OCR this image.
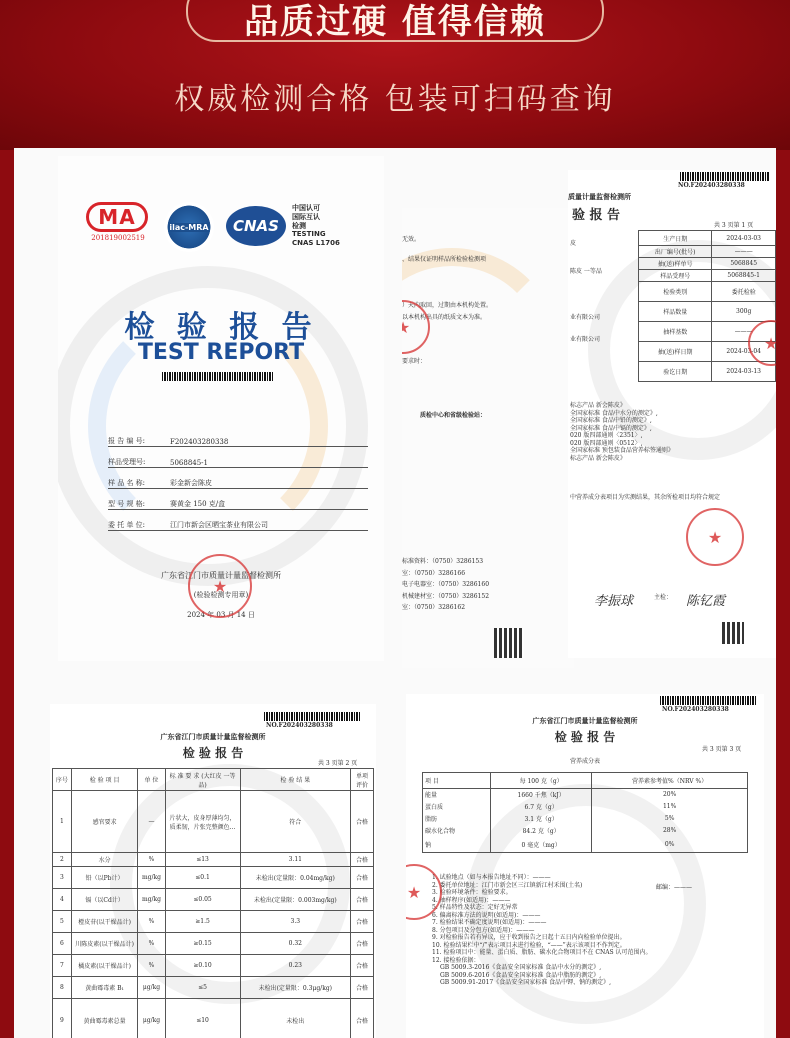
品质过硬 值得信赖
权威检测合格 包装可扫码查询
MA
201819002519
ilac-MRA CNAS
中国认可
国际互认
检测
TESTING
CNAS L1706
检 验 报 告
TEST REPORT
报 告 编 号:	F202403280338
样品受理号:	5068845-1
样 品 名 称:	彩金新会陈皮
型 号 规 格:	赛黄金 150 克/盒
委 托 单 位:	江门市新会区晒宝茶业有限公司
广东省江门市质量计量监督检测所
(检验检测专用章)
2024 年 03 月 14 日
★
无效。
、结果仅证明样品所检验检测项
）天内取回，过期由本机构处置。
以本机构出具的纸质文本为准。
要求时：
质检中心和省级检验站：
★
标准资料：（0750）3286153
室：（0750）3286166
电子电器室：（0750）3286160
机械建材室：（0750）3286152
室：（0750）3286162
NO.F202403280338
质量计量监督检测所
验 报 告
共 3 页第 1 页
皮
陈皮 一等品
业有限公司
业有限公司
生产日期	2024-03-03
出厂编号(批号)	———
抽(送)样单号	5068845
样品受理号	5068845-1
检验类别	委托检验
样品数量	300g
抽样基数	———
抽(送)样日期	2024-03-04
验讫日期	2024-03-13
标志产品 新会陈皮》
全国家标准 食品中水分的测定》,
全国家标准 食品中铅的测定》,
全国家标准 食品中镉的测定》,
020 版四部通则〈2351〉,
020 版四部通则〈0512〉,
全国家标准 预包装食品营养标签通则》
标志产品 新会陈皮》
中营养成分表项目为实测结果，其余所检项目均符合规定
★
★
李振球	主检： 陈钇霞
NO.F202403280338
广东省江门市质量计量监督检测所
检 验 报 告
共 3 页第 2 页
序号	检 验 项 目	单 位	标 准 要 求 (大红皮 一等品)	检 验 结 果	单项评价
1	感官要求	—	片状大，皮身厚薄均匀，质柔韧，片张完整颜色...	符合	合格
2	水分	%	≤13	3.11	合格
3	铅（以Pb计）	mg/kg	≤0.1	未检出(定量限：0.04mg/kg)	合格
4	镉（以Cd计）	mg/kg	≤0.05	未检出(定量限：0.003mg/kg)	合格
5	橙皮苷(以干燥品计)	%	≥1.5	3.3	合格
6	川陈皮素(以干燥品计)	%	≥0.15	0.32	合格
7	橘皮素(以干燥品计)	%	≥0.10	0.23	合格
8	黄曲霉毒素 B₁	μg/kg	≤5	未检出(定量限：0.3μg/kg)	合格
9	黄曲霉毒素总量	μg/kg	≤10	未检出	合格
NO.F202403280338
广东省江门市质量计量监督检测所
检 验 报 告
共 3 页第 3 页
营养成分表
项 目	每 100 克（g）	营养素参考值%（NRV %）
能量	1660 千焦（kJ）	20%
蛋白质	6.7 克（g）	11%
脂肪	3.1 克（g）	5%
碳水化合物	84.2 克（g）	28%
钠	0 毫克（mg）	0%
1. 试验地点（如与本报告地址不同）：———
2. 委托单位地址：江门市新会区三江镇新江村禾围(土名)
3. 检验环境条件：检验要求。
4. 抽样程序(如适用)：———
5. 样品特性及状态：定好无异常
6. 偏离标准方法的说明(如适用)：———
7. 检验结果不确定度说明(如适用)：———
8. 分包项目及分包方(如适用)：———
9. 对检验报告若有异议，应于收到报告之日起十五日内向检验单位提出。
10. 检验结果栏中“/”表示项目未进行检验，“——”表示该项目不作判定。
11. 检验项目中：能量、蛋白质、脂肪、碳水化合物项目不在 CNAS 认可范围内。
12. 接检验依据：
GB 5009.3-2016《食品安全国家标准 食品中水分的测定》,
GB 5009.6-2016《食品安全国家标准 食品中脂肪的测定》,
GB 5009.91-2017《食品安全国家标准 食品中钾、钠的测定》,
邮编：———
★
